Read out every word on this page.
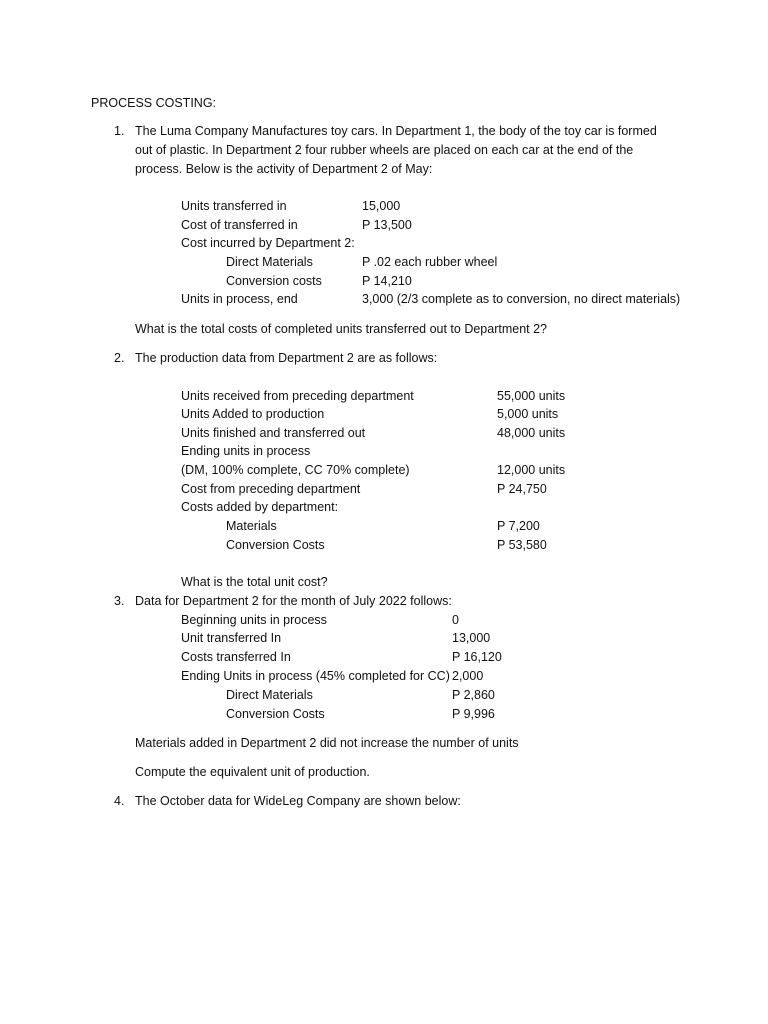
PROCESS COSTING:
1. The Luma Company Manufactures toy cars. In Department 1, the body of the toy car is formed
out of plastic. In Department 2 four rubber wheels are placed on each car at the end of the
process. Below is the activity of Department 2 of May:
Units transferred in	15,000
Cost of transferred in	P 13,500
Cost incurred by Department 2:
Direct Materials	P .02 each rubber wheel
Conversion costs	P 14,210
Units in process, end	3,000 (2/3 complete as to conversion, no direct materials)
What is the total costs of completed units transferred out to Department 2?
2. The production data from Department 2 are as follows:
Units received from preceding department	55,000 units
Units Added to production	5,000 units
Units finished and transferred out	48,000 units
Ending units in process
(DM, 100% complete, CC 70% complete)	12,000 units
Cost from preceding department	P 24,750
Costs added by department:
Materials	P 7,200
Conversion Costs	P 53,580
What is the total unit cost?
3. Data for Department 2 for the month of July 2022 follows:
Beginning units in process	0
Unit transferred In	13,000
Costs transferred In	P 16,120
Ending Units in process (45% completed for CC) 2,000
Direct Materials	P 2,860
Conversion Costs	P 9,996
Materials added in Department 2 did not increase the number of units
Compute the equivalent unit of production.
4. The October data for WideLeg Company are shown below:
